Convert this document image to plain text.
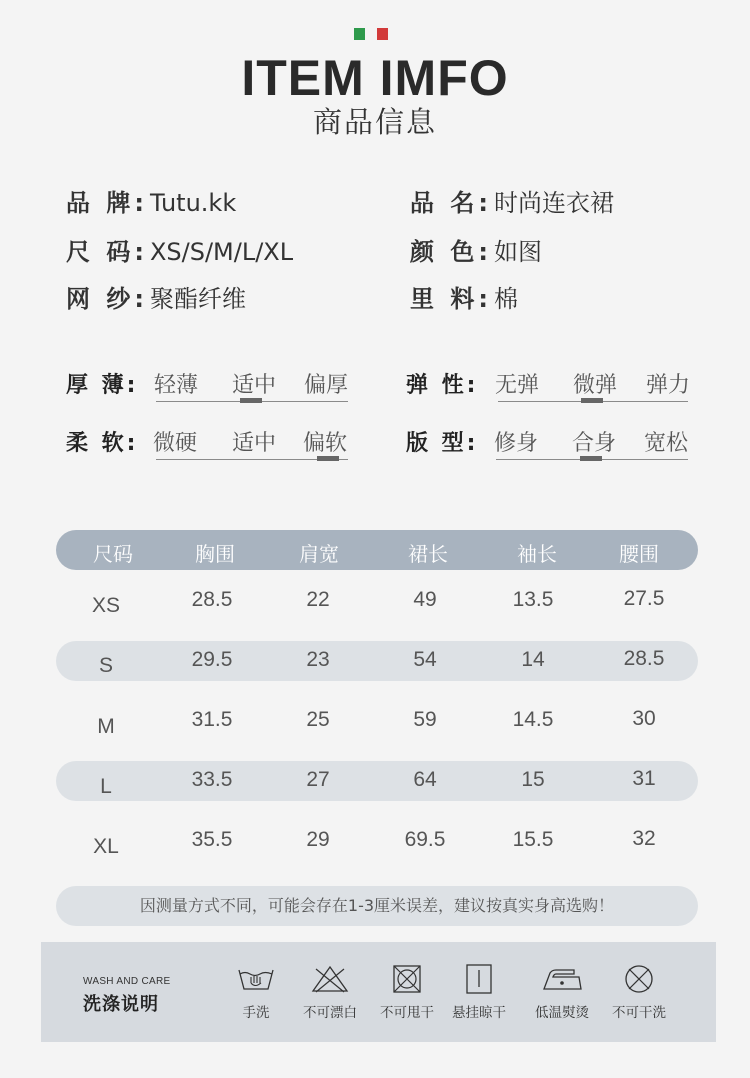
ITEM IMFO
商品信息
品 牌:Tutu.kk	品 名:时尚连衣裙
尺 码:XS/S/M/L/XL	颜 色:如图
网 纱:聚酯纤维	里 料:棉
厚 薄: 轻薄 适中 偏厚	弹 性: 无弹 微弹 弹力
柔 软: 微硬 适中 偏软	版 型: 修身 合身 宽松
尺码	胸围	肩宽	裙长	袖长	腰围
XS	28.5	22	49	13.5	27.5
S	29.5	23	54	14	28.5
M	31.5	25	59	14.5	30
L	33.5	27	64	15	31
XL	35.5	29	69.5	15.5	32
因测量方式不同，可能会存在1-3厘米误差，建议按真实身高选购！
WASH AND CARE
洗涤说明	手洗	不可漂白	不可甩干	悬挂晾干	低温熨烫	不可干洗
